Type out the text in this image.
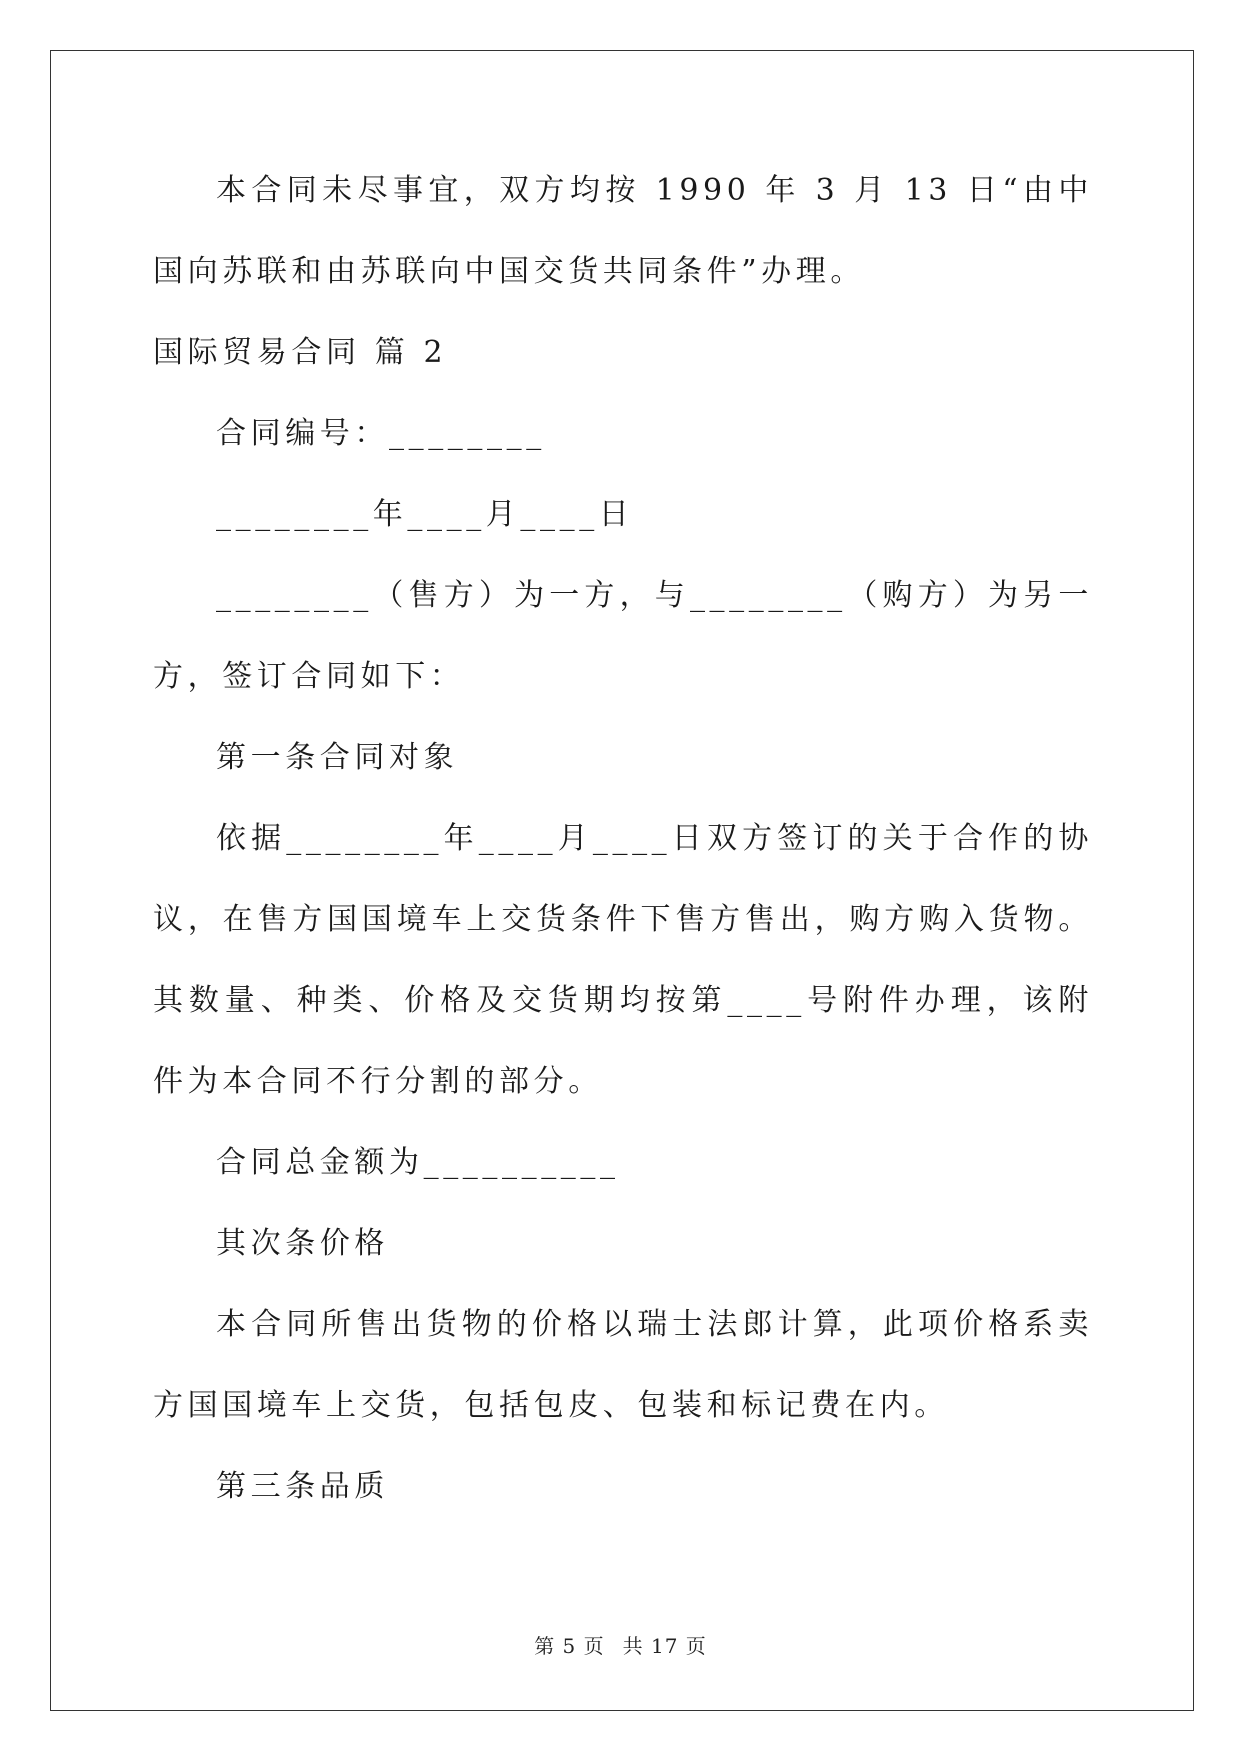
本合同未尽事宜，双方均按 1990 年 3 月 13 日“由中国向苏联和由苏联向中国交货共同条件”办理。

国际贸易合同 篇 2

合同编号：________

________年____月____日

________（售方）为一方，与________（购方）为另一方，签订合同如下：

第一条合同对象

依据________年____月____日双方签订的关于合作的协议，在售方国国境车上交货条件下售方售出，购方购入货物。其数量、种类、价格及交货期均按第____号附件办理，该附件为本合同不行分割的部分。

合同总金额为__________

其次条价格

本合同所售出货物的价格以瑞士法郎计算，此项价格系卖方国国境车上交货，包括包皮、包装和标记费在内。

第三条品质

第 5 页 共 17 页
